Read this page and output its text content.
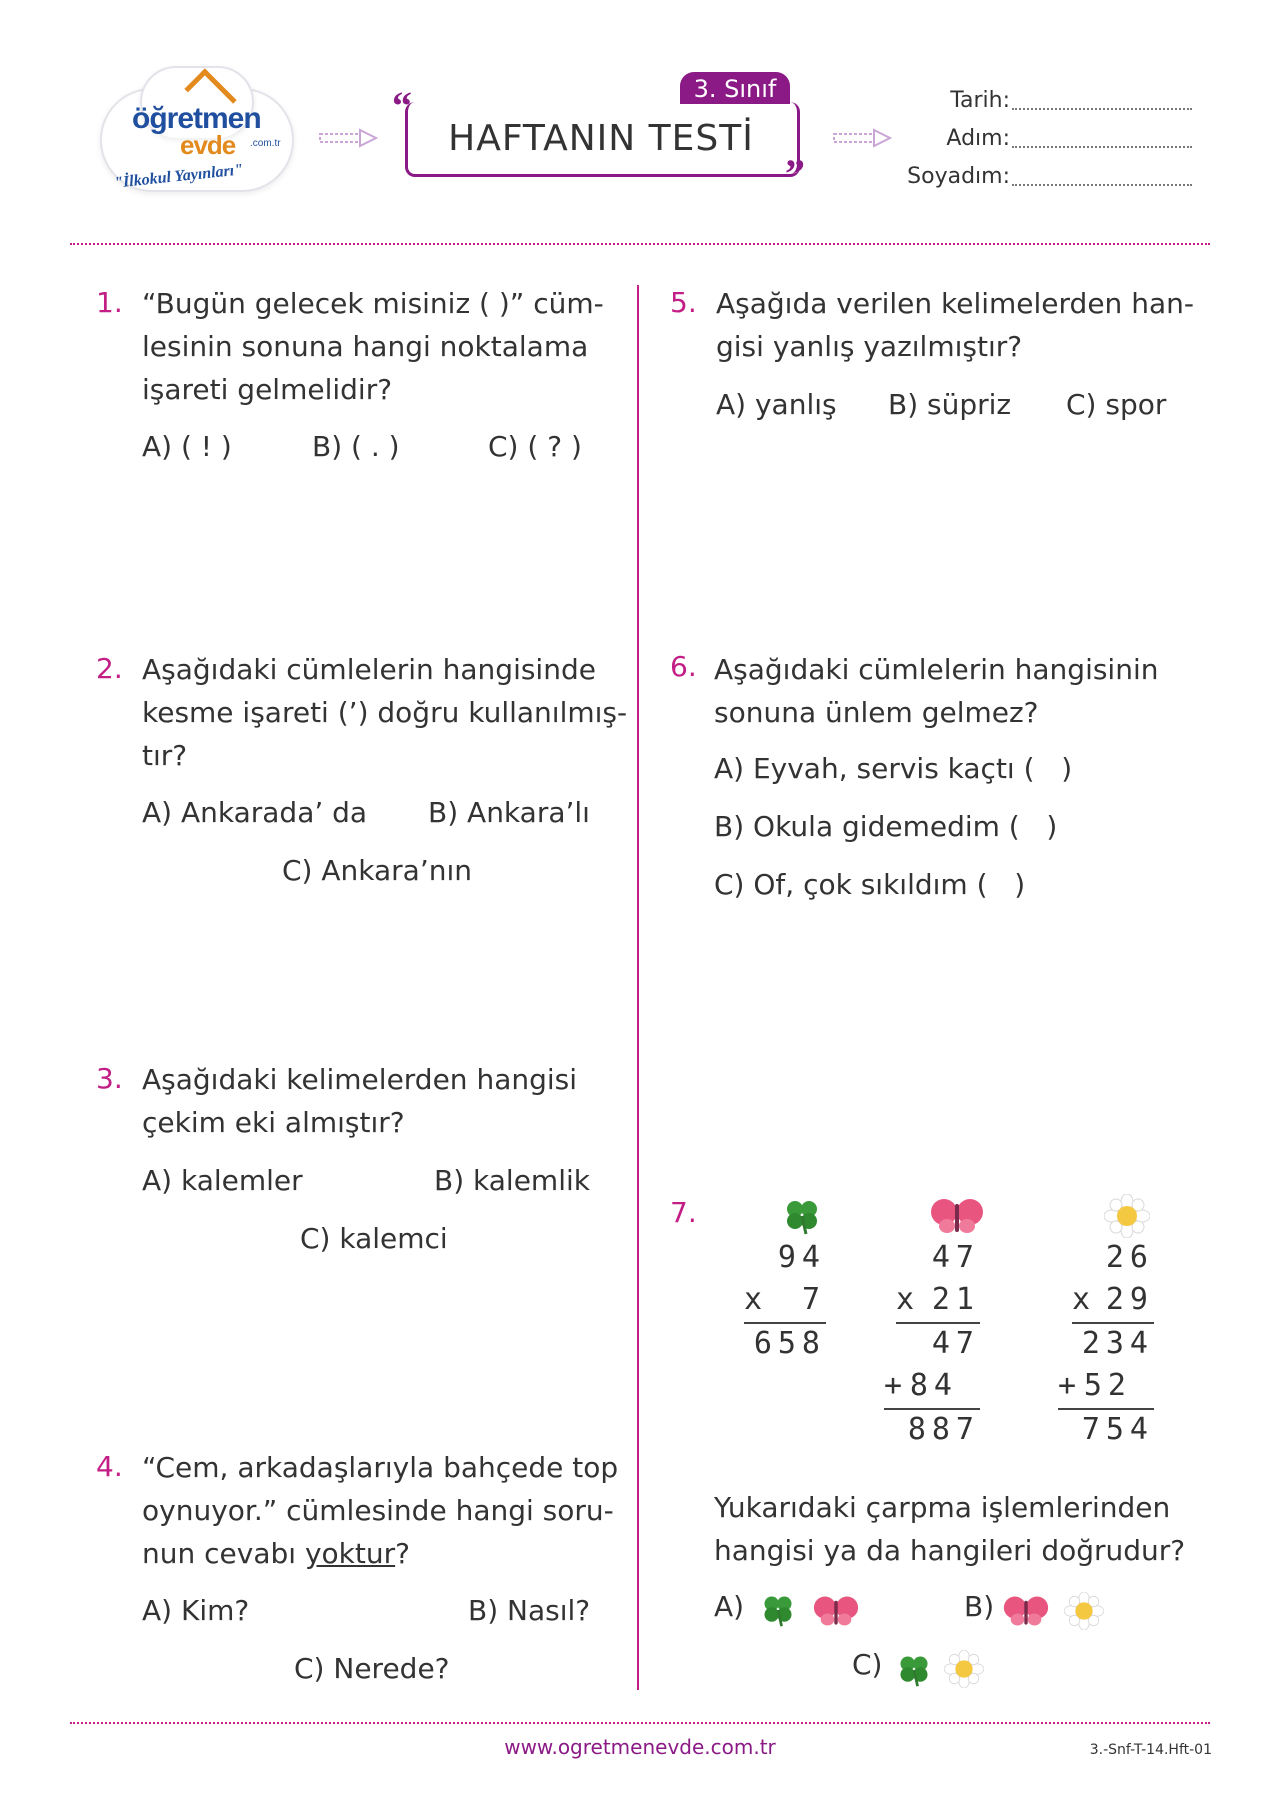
öğretmen
evde .com.tr
"İlkokul Yayınları"
“	3. Sınıf
HAFTANIN TESTİ
”
Tarih:
Adım:
Soyadım:
1. “Bugün gelecek misiniz ( )” cüm-
lesinin sonuna hangi noktalama
işareti gelmelidir?
A) ( ! )	B) ( . )	C) ( ? )
2. Aşağıdaki cümlelerin hangisinde
kesme işareti (’) doğru kullanılmış-
tır?
A) Ankarada’ da B) Ankara’lı
C) Ankara’nın
3. Aşağıdaki kelimelerden hangisi
çekim eki almıştır?
A) kalemler	B) kalemlik
C) kalemci
4. “Cem, arkadaşlarıyla bahçede top
oynuyor.” cümlesinde hangi soru-
nun cevabı yoktur?
A) Kim?	B) Nasıl?
C) Nerede?
5. Aşağıda verilen kelimelerden han-
gisi yanlış yazılmıştır?
A) yanlış B) süpriz C) spor
6. Aşağıdaki cümlelerin hangisinin
sonuna ünlem gelmez?
A) Eyvah, servis kaçtı (   )
B) Okula gidemedim (   )
C) Of, çok sıkıldım (   )
7.
94
x	7
658
47
x 21
47
+ 84
887
26
x 29
234
+ 52
754
Yukarıdaki çarpma işlemlerinden
hangisi ya da hangileri doğrudur?
A)	B)
C)
www.ogretmenevde.com.tr	3.-Snf-T-14.Hft-01
